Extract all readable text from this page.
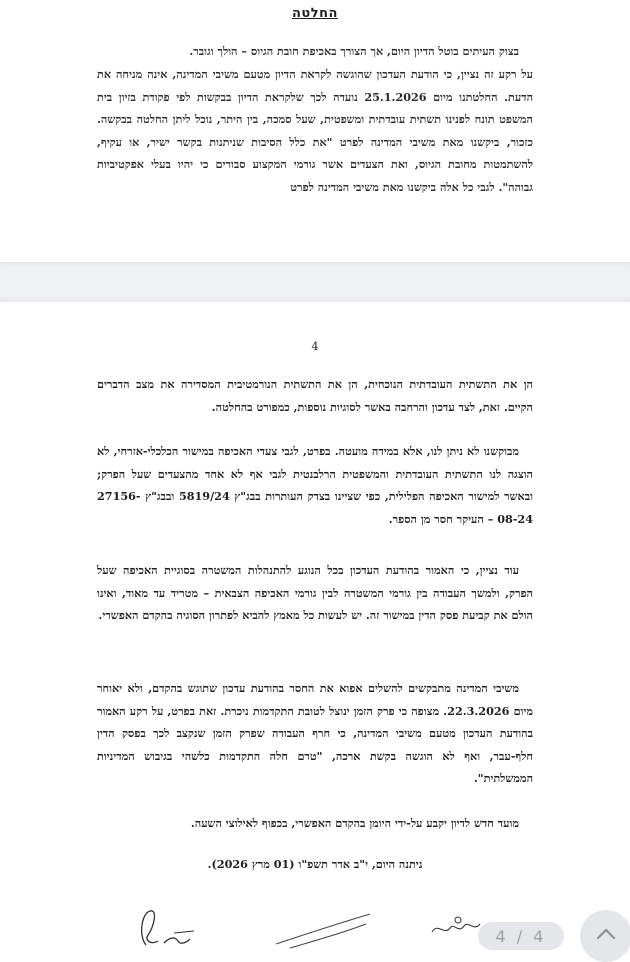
החלטה
בצוק העיתים בוטל הדיון היום, אך הצורך באכיפת חובת הגיוס – הולך וגובר.
על רקע זה נציין, כי הודעת העדכון שהוגשה לקראת הדיון מטעם משיבי המדינה, אינה מניחה את הדעת. החלטתנו מיום 25.1.2026 נועדה לכך שלקראת הדיון בבקשות לפי פקודת בזיון בית המשפט תונח לפנינו תשתית עובדתית ומשפטית, שעל סמכה, בין היתר, נוכל ליתן החלטה בבקשה. כזכור, ביקשנו מאת משיבי המדינה לפרט "את כלל הסיבות שניתנות בקשר ישיר, או עקיף, להשתמטות מחובת הגיוס, ואת הצעדים אשר גורמי המקצוע סבורים כי יהיו בעלי אפקטיביות גבוהה". לגבי כל אלה ביקשנו מאת משיבי המדינה לפרט
4
הן את התשתית העובדתית הנוכחית, הן את התשתית הנורמטיבית המסדירה את מצב הדברים הקיים. זאת, לצד עדכון והרחבה באשר לסוגיות נוספות, כמפורט בהחלטה.
מבוקשנו לא ניתן לנו, אלא במידה מועטה. בפרט, לגבי צעדי האכיפה במישור הכלכלי-אזרחי, לא הוצגה לנו התשתית העובדתית והמשפטית הרלבנטית לגבי אף לא אחד מהצעדים שעל הפרק; ובאשר למישור האכיפה הפלילית, כפי שציינו בצדק העותרות בבג"ץ 5819/24 ובבג"ץ 27156-08-24 – העיקר חסר מן הספר.
עוד נציין, כי האמור בהודעת העדכון בכל הנוגע להתנהלות המשטרה בסוגיית האכיפה שעל הפרק, ולמשך העבודה בין גורמי המשטרה לבין גורמי האכיפה הצבאית – מטריד עד מאוד, ואינו הולם את קביעת פסק הדין במישור זה. יש לעשות כל מאמץ להביא לפתרון הסוגיה בהקדם האפשרי.
משיבי המדינה מתבקשים להשלים אפוא את החסר בהודעת עדכון שתוגש בהקדם, ולא יאוחר מיום 22.3.2026. מצופה כי פרק הזמן ינוצל לטובת התקדמות ניכרת. זאת בפרט, על רקע האמור בהודעת העדכון מטעם משיבי המדינה, כי חרף העבודה שפרק הזמן שנקצב לכך בפסק הדין חלף-עבר, ואף לא הוגשה בקשת ארכה, "טרם חלה התקדמות כלשהי בגיבוש המדיניות הממשלתית".
מועד חדש לדיון יקבע על-ידי היומן בהקדם האפשרי, בכפוף לאילוצי השעה.
ניתנה היום, י"ב אדר תשפ"ו (01 מרץ 2026).
4 / 4
